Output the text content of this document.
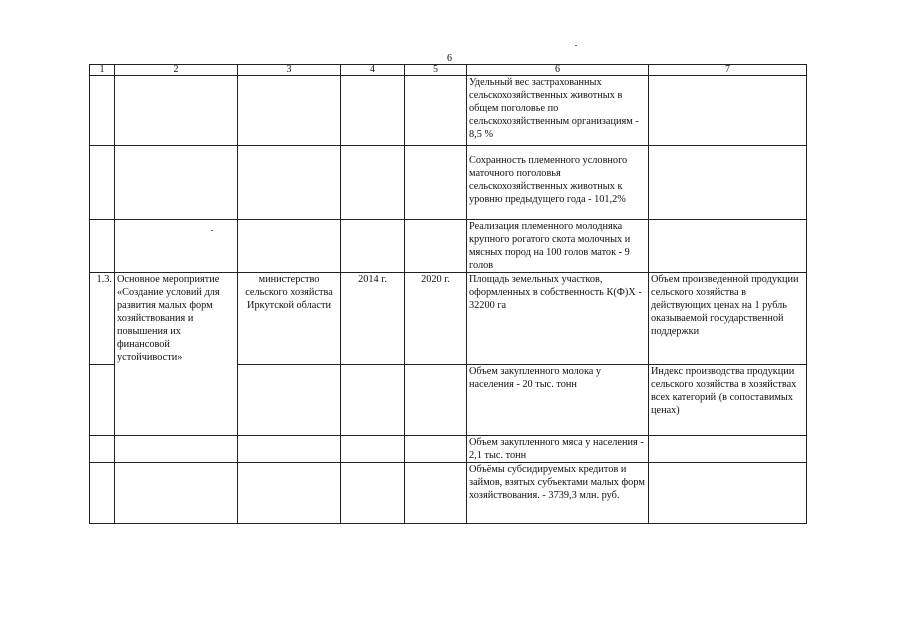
6
1	2	3	4	5	6	7
					Удельный вес застрахованных сельскохозяйственных животных в общем поголовье по сельскохозяйственным организациям - 8,5 %	
					Сохранность племенного условного маточного поголовья сельскохозяйственных животных к уровню предыдущего года - 101,2%	
					Реализация племенного молодняка крупного рогатого скота молочных и мясных пород на 100 голов маток - 9 голов	
1.3.	Основное мероприятие «Создание условий для развития малых форм хозяйствования и повышения их финансовой устойчивости»	министерство сельского хозяйства Иркутской области	2014 г.	2020 г.	Площадь земельных участков, оформленных в собственность К(Ф)Х - 32200 га	Объем произведенной продукции сельского хозяйства в действующих ценах на 1 рубль оказываемой государственной поддержки
					Объем закупленного молока у населения - 20 тыс. тонн	Индекс производства продукции сельского хозяйства в хозяйствах всех категорий (в сопоставимых ценах)
					Объем закупленного мяса у населения - 2,1 тыс. тонн	
					Объёмы субсидируемых кредитов и займов, взятых субъектами малых форм хозяйствования. - 3739,3 млн. руб.	
